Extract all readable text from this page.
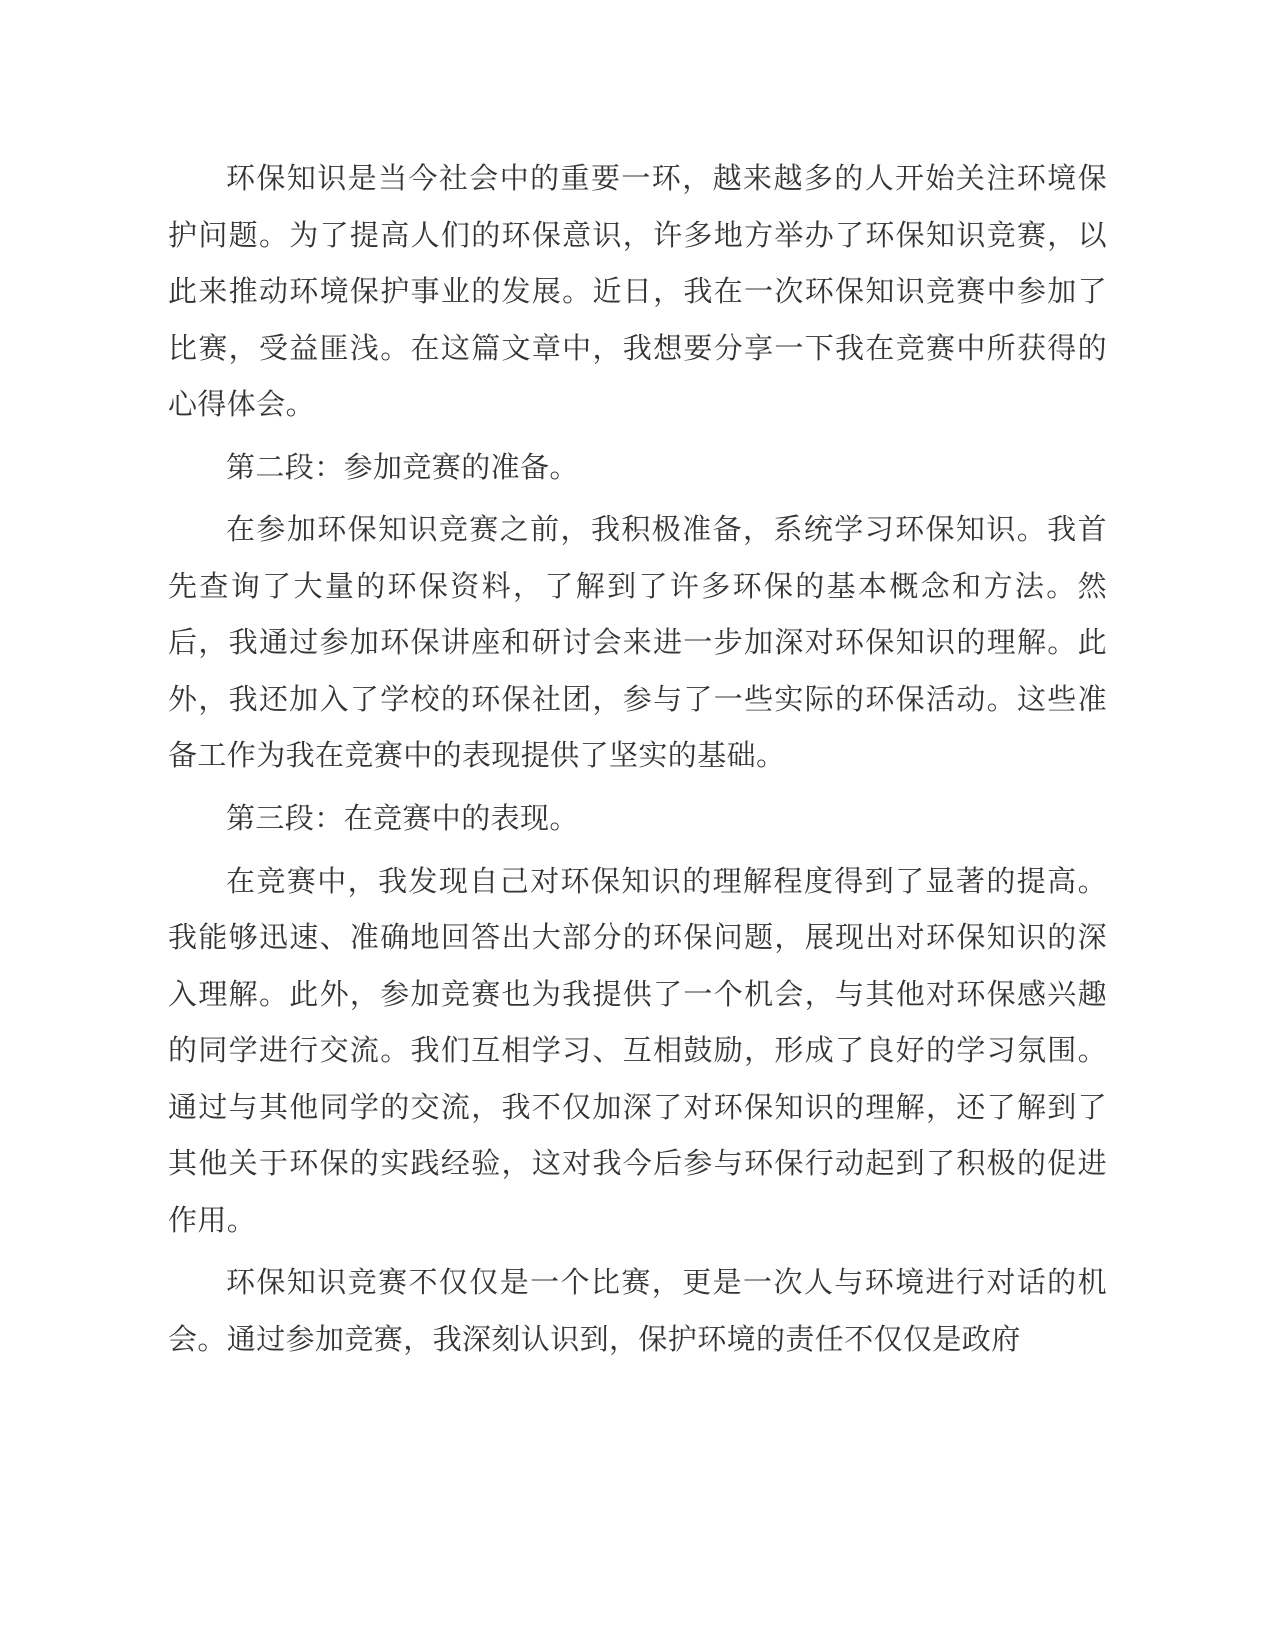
环保知识是当今社会中的重要一环，越来越多的人开始关注环境保护问题。为了提高人们的环保意识，许多地方举办了环保知识竞赛，以此来推动环境保护事业的发展。近日，我在一次环保知识竞赛中参加了比赛，受益匪浅。在这篇文章中，我想要分享一下我在竞赛中所获得的心得体会。

第二段：参加竞赛的准备。

在参加环保知识竞赛之前，我积极准备，系统学习环保知识。我首先查询了大量的环保资料，了解到了许多环保的基本概念和方法。然后，我通过参加环保讲座和研讨会来进一步加深对环保知识的理解。此外，我还加入了学校的环保社团，参与了一些实际的环保活动。这些准备工作为我在竞赛中的表现提供了坚实的基础。

第三段：在竞赛中的表现。

在竞赛中，我发现自己对环保知识的理解程度得到了显著的提高。我能够迅速、准确地回答出大部分的环保问题，展现出对环保知识的深入理解。此外，参加竞赛也为我提供了一个机会，与其他对环保感兴趣的同学进行交流。我们互相学习、互相鼓励，形成了良好的学习氛围。通过与其他同学的交流，我不仅加深了对环保知识的理解，还了解到了其他关于环保的实践经验，这对我今后参与环保行动起到了积极的促进作用。

环保知识竞赛不仅仅是一个比赛，更是一次人与环境进行对话的机会。通过参加竞赛，我深刻认识到，保护环境的责任不仅仅是政府
